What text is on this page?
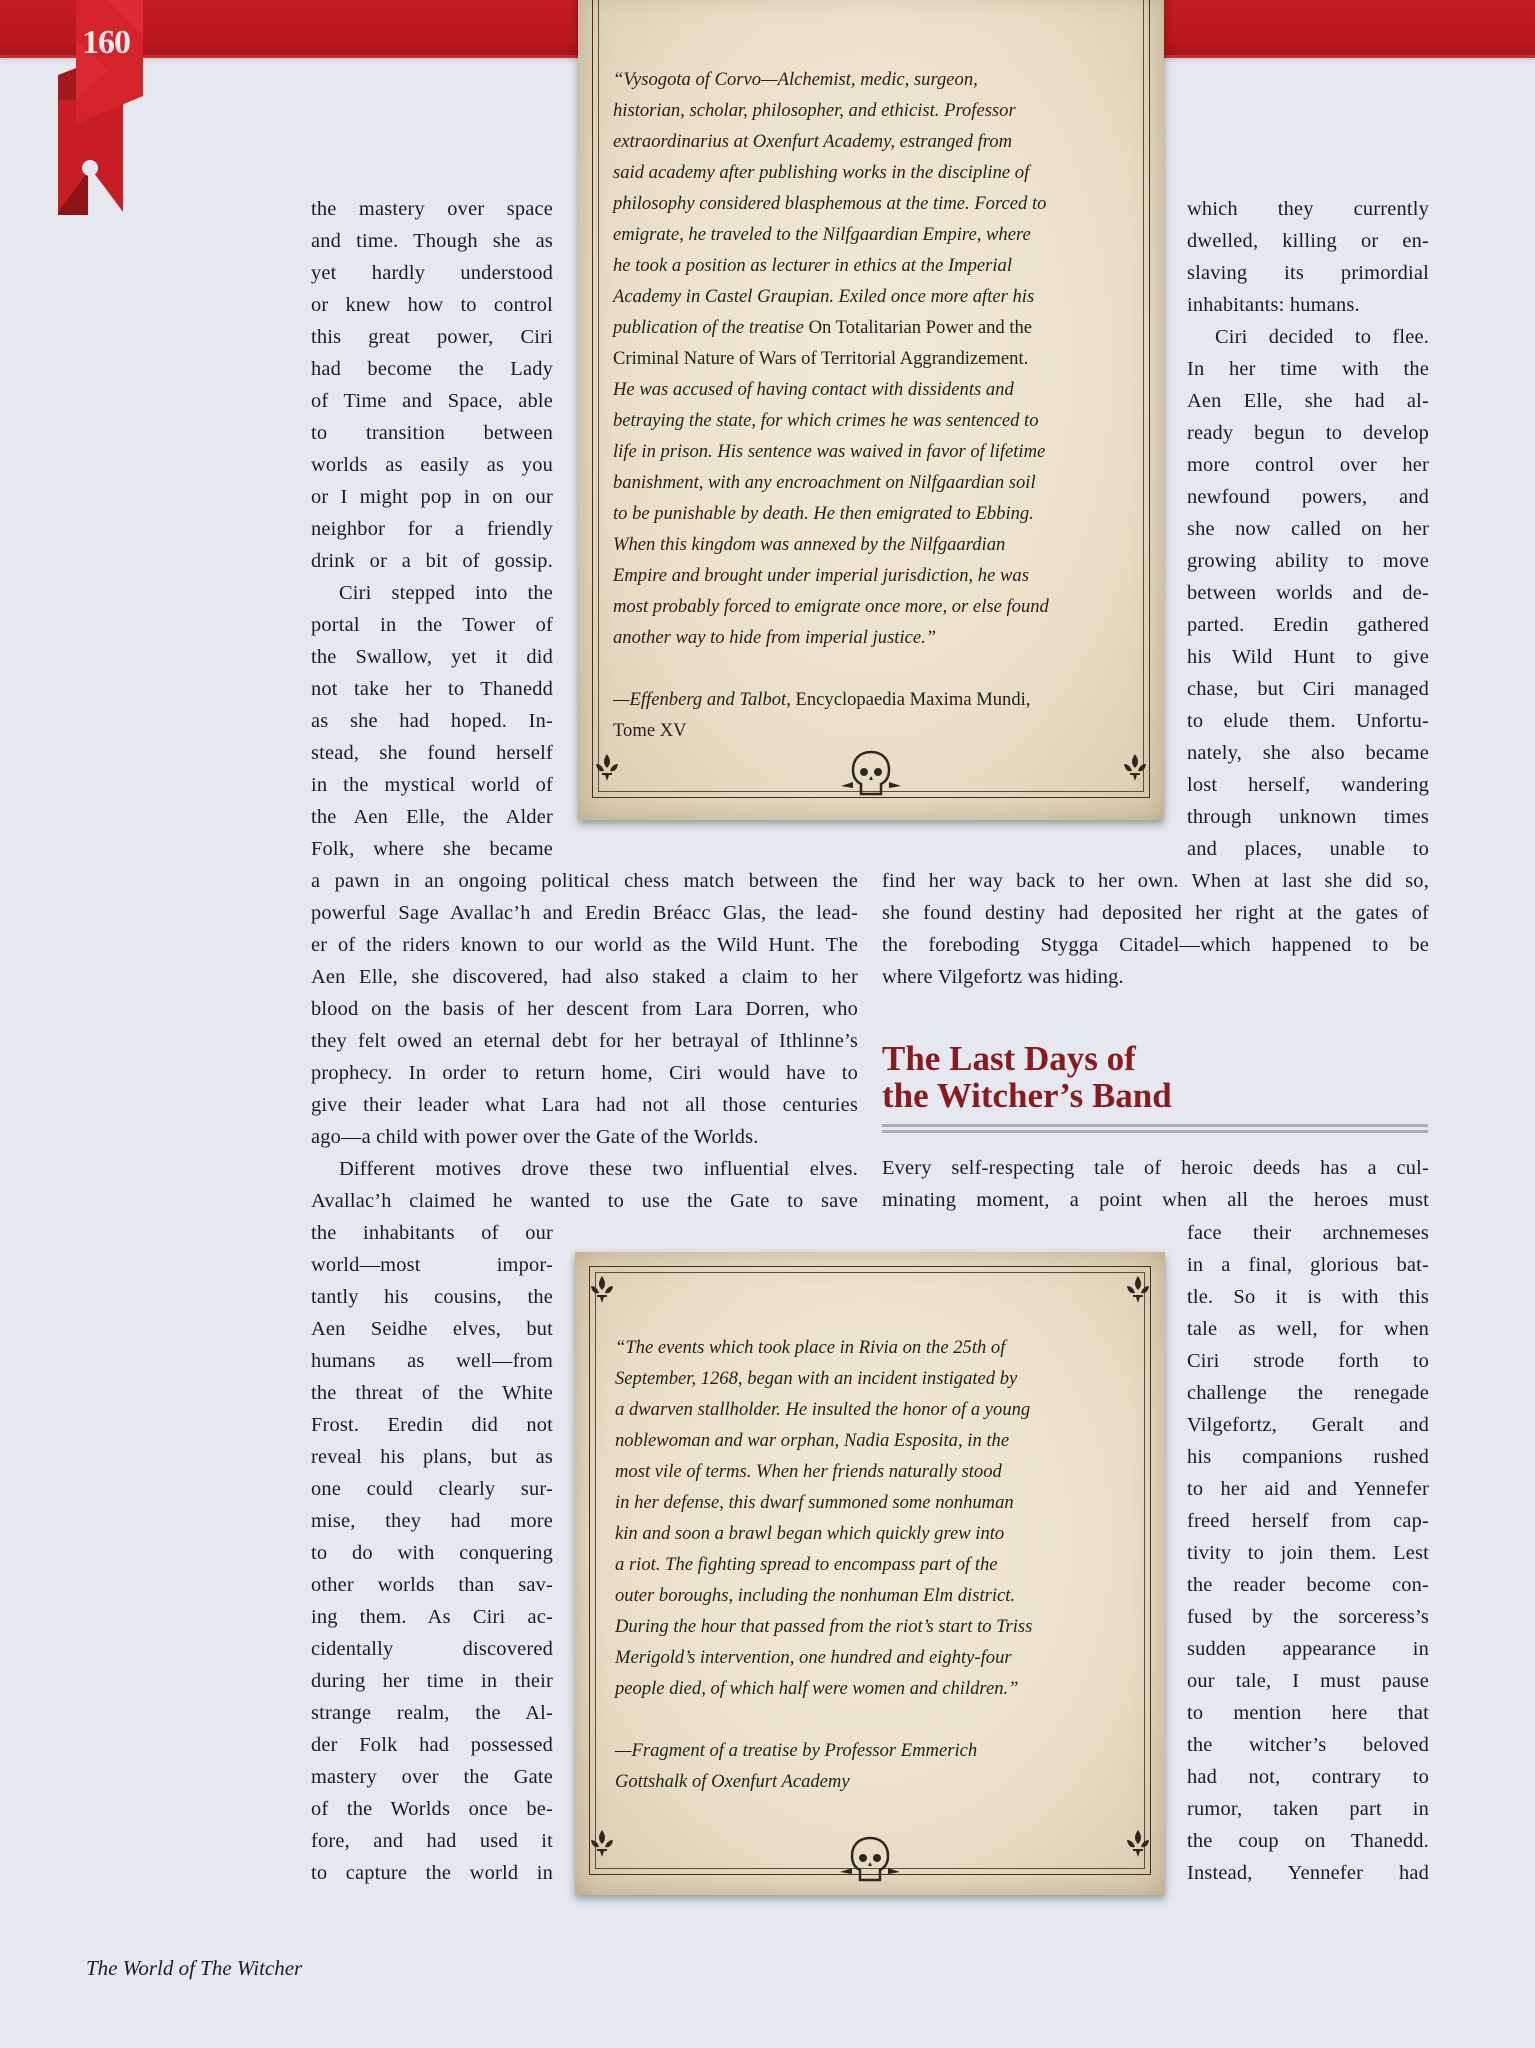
160
the mastery over space
and time. Though she as
yet hardly understood
or knew how to control
this great power, Ciri
had become the Lady
of Time and Space, able
to transition between
worlds as easily as you
or I might pop in on our
neighbor for a friendly
drink or a bit of gossip.
Ciri stepped into the
portal in the Tower of
the Swallow, yet it did
not take her to Thanedd
as she had hoped. In-
stead, she found herself
in the mystical world of
the Aen Elle, the Alder
Folk, where she became
which they currently
dwelled, killing or en-
slaving its primordial
inhabitants: humans.
Ciri decided to flee.
In her time with the
Aen Elle, she had al-
ready begun to develop
more control over her
newfound powers, and
she now called on her
growing ability to move
between worlds and de-
parted. Eredin gathered
his Wild Hunt to give
chase, but Ciri managed
to elude them. Unfortu-
nately, she also became
lost herself, wandering
through unknown times
and places, unable to
“Vysogota of Corvo—Alchemist, medic, surgeon,
historian, scholar, philosopher, and ethicist. Professor
extraordinarius at Oxenfurt Academy, estranged from
said academy after publishing works in the discipline of
philosophy considered blasphemous at the time. Forced to
emigrate, he traveled to the Nilfgaardian Empire, where
he took a position as lecturer in ethics at the Imperial
Academy in Castel Graupian. Exiled once more after his
publication of the treatise On Totalitarian Power and the
Criminal Nature of Wars of Territorial Aggrandizement.
He was accused of having contact with dissidents and
betraying the state, for which crimes he was sentenced to
life in prison. His sentence was waived in favor of lifetime
banishment, with any encroachment on Nilfgaardian soil
to be punishable by death. He then emigrated to Ebbing.
When this kingdom was annexed by the Nilfgaardian
Empire and brought under imperial jurisdiction, he was
most probably forced to emigrate once more, or else found
another way to hide from imperial justice.”
—Effenberg and Talbot, Encyclopaedia Maxima Mundi,
Tome XV
a pawn in an ongoing political chess match between the
powerful Sage Avallac’h and Eredin Bréacc Glas, the lead-
er of the riders known to our world as the Wild Hunt. The
Aen Elle, she discovered, had also staked a claim to her
blood on the basis of her descent from Lara Dorren, who
they felt owed an eternal debt for her betrayal of Ithlinne’s
prophecy. In order to return home, Ciri would have to
give their leader what Lara had not all those centuries
ago—a child with power over the Gate of the Worlds.
Different motives drove these two influential elves.
Avallac’h claimed he wanted to use the Gate to save
find her way back to her own. When at last she did so,
she found destiny had deposited her right at the gates of
the foreboding Stygga Citadel—which happened to be
where Vilgefortz was hiding.
The Last Days of
the Witcher’s Band
Every self-respecting tale of heroic deeds has a cul-
minating moment, a point when all the heroes must
the inhabitants of our
world—most impor-
tantly his cousins, the
Aen Seidhe elves, but
humans as well—from
the threat of the White
Frost. Eredin did not
reveal his plans, but as
one could clearly sur-
mise, they had more
to do with conquering
other worlds than sav-
ing them. As Ciri ac-
cidentally discovered
during her time in their
strange realm, the Al-
der Folk had possessed
mastery over the Gate
of the Worlds once be-
fore, and had used it
to capture the world in
face their archnemeses
in a final, glorious bat-
tle. So it is with this
tale as well, for when
Ciri strode forth to
challenge the renegade
Vilgefortz, Geralt and
his companions rushed
to her aid and Yennefer
freed herself from cap-
tivity to join them. Lest
the reader become con-
fused by the sorceress’s
sudden appearance in
our tale, I must pause
to mention here that
the witcher’s beloved
had not, contrary to
rumor, taken part in
the coup on Thanedd.
Instead, Yennefer had
“The events which took place in Rivia on the 25th of
September, 1268, began with an incident instigated by
a dwarven stallholder. He insulted the honor of a young
noblewoman and war orphan, Nadia Esposita, in the
most vile of terms. When her friends naturally stood
in her defense, this dwarf summoned some nonhuman
kin and soon a brawl began which quickly grew into
a riot. The fighting spread to encompass part of the
outer boroughs, including the nonhuman Elm district.
During the hour that passed from the riot’s start to Triss
Merigold’s intervention, one hundred and eighty-four
people died, of which half were women and children.”
—Fragment of a treatise by Professor Emmerich
Gottshalk of Oxenfurt Academy
The World of The Witcher
